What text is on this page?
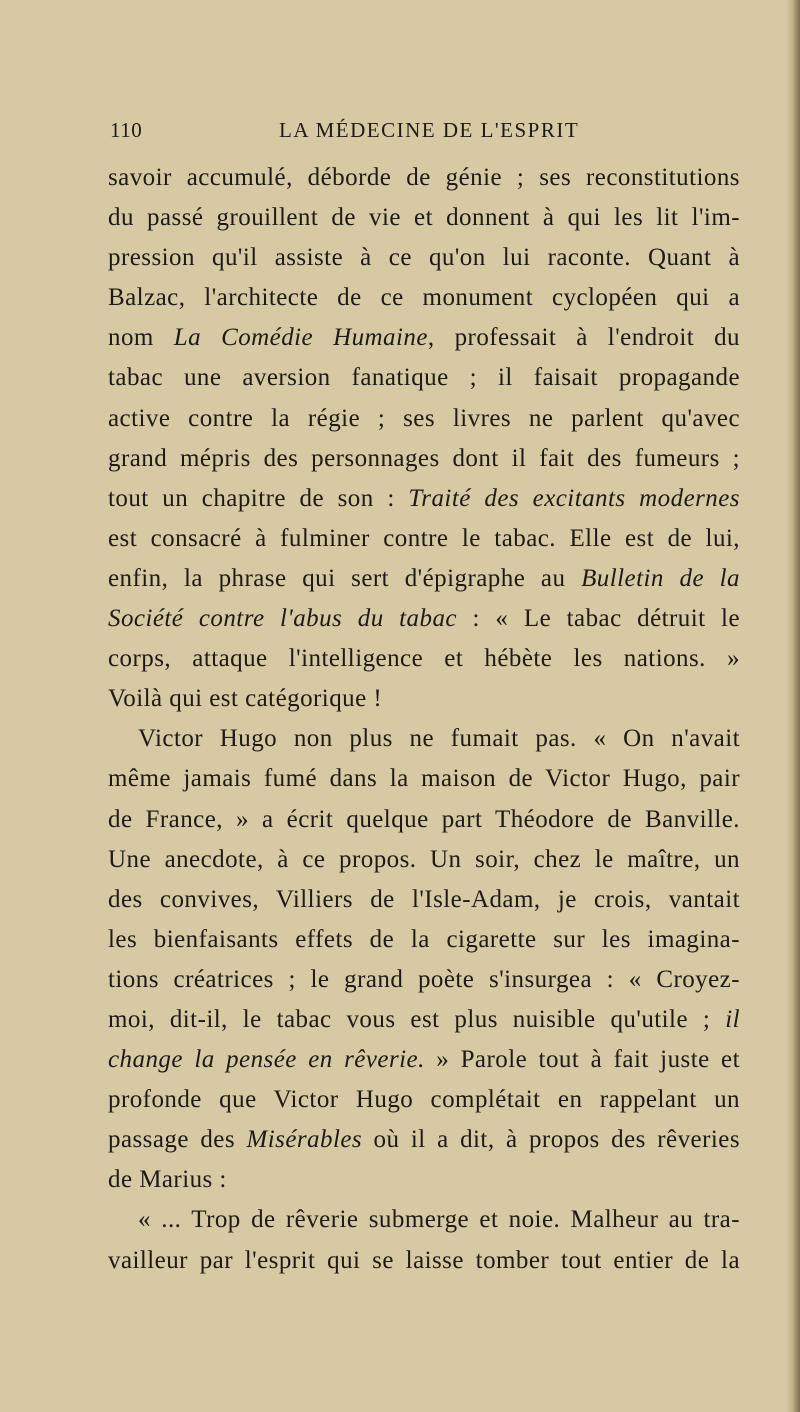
110	LA MÉDECINE DE L'ESPRIT
savoir accumulé, déborde de génie ; ses reconstitutions
du passé grouillent de vie et donnent à qui les lit l'im-
pression qu'il assiste à ce qu'on lui raconte. Quant à
Balzac, l'architecte de ce monument cyclopéen qui a
nom La Comédie Humaine, professait à l'endroit du
tabac une aversion fanatique ; il faisait propagande
active contre la régie ; ses livres ne parlent qu'avec
grand mépris des personnages dont il fait des fumeurs ;
tout un chapitre de son : Traité des excitants modernes
est consacré à fulminer contre le tabac. Elle est de lui,
enfin, la phrase qui sert d'épigraphe au Bulletin de la
Société contre l'abus du tabac : « Le tabac détruit le
corps, attaque l'intelligence et hébète les nations. »
Voilà qui est catégorique !
Victor Hugo non plus ne fumait pas. « On n'avait
même jamais fumé dans la maison de Victor Hugo, pair
de France, » a écrit quelque part Théodore de Banville.
Une anecdote, à ce propos. Un soir, chez le maître, un
des convives, Villiers de l'Isle-Adam, je crois, vantait
les bienfaisants effets de la cigarette sur les imagina-
tions créatrices ; le grand poète s'insurgea : « Croyez-
moi, dit-il, le tabac vous est plus nuisible qu'utile ; il
change la pensée en rêverie. » Parole tout à fait juste et
profonde que Victor Hugo complétait en rappelant un
passage des Misérables où il a dit, à propos des rêveries
de Marius :
« ... Trop de rêverie submerge et noie. Malheur au tra-
vailleur par l'esprit qui se laisse tomber tout entier de la
